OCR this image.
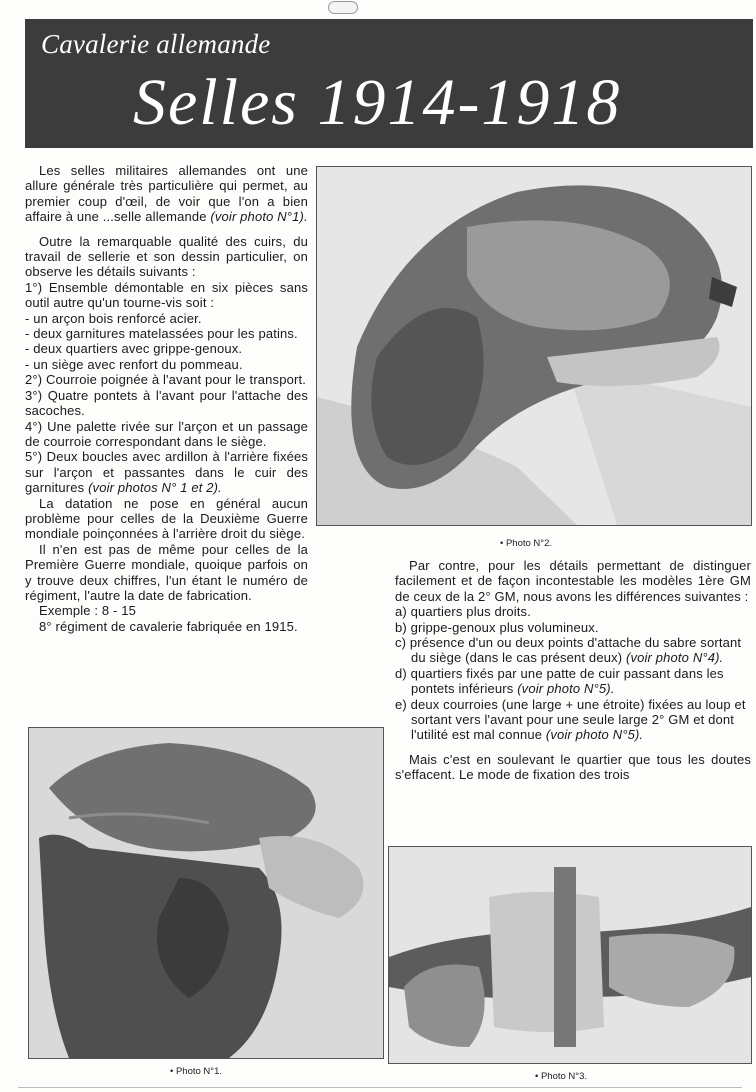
Cavalerie allemande
Selles 1914-1918

Les selles militaires allemandes ont une allure générale très particulière qui permet, au premier coup d'œil, de voir que l'on a bien affaire à une ...selle allemande (voir photo N°1).

Outre la remarquable qualité des cuirs, du travail de sellerie et son dessin particulier, on observe les détails suivants :

1°) Ensemble démontable en six pièces sans outil autre qu'un tourne-vis soit :

- un arçon bois renforcé acier.

- deux garnitures matelassées pour les patins.

- deux quartiers avec grippe-genoux.

- un siège avec renfort du pommeau.

2°) Courroie poignée à l'avant pour le transport.

3°) Quatre pontets à l'avant pour l'attache des sacoches.

4°) Une palette rivée sur l'arçon et un passage de courroie correspondant dans le siège.

5°) Deux boucles avec ardillon à l'arrière fixées sur l'arçon et passantes dans le cuir des garnitures (voir photos N° 1 et 2).

La datation ne pose en général aucun problème pour celles de la Deuxième Guerre mondiale poinçonnées à l'arrière droit du siège.

Il n'en est pas de même pour celles de la Première Guerre mondiale, quoique parfois on y trouve deux chiffres, l'un étant le numéro de régiment, l'autre la date de fabrication.

Exemple : 8 - 15

8° régiment de cavalerie fabriquée en 1915.

• Photo N°2.

Par contre, pour les détails permettant de distinguer facilement et de façon incontestable les modèles 1ère GM de ceux de la 2° GM, nous avons les différences suivantes :

a) quartiers plus droits.

b) grippe-genoux plus volumineux.

c) présence d'un ou deux points d'attache du sabre sortant du siège (dans le cas présent deux) (voir photo N°4).

d) quartiers fixés par une patte de cuir passant dans les pontets inférieurs (voir photo N°5).

e) deux courroies (une large + une étroite) fixées au loup et sortant vers l'avant pour une seule large 2° GM et dont l'utilité est mal connue (voir photo N°5).

Mais c'est en soulevant le quartier que tous les doutes s'effacent. Le mode de fixation des trois

• Photo N°1.	• Photo N°3.
